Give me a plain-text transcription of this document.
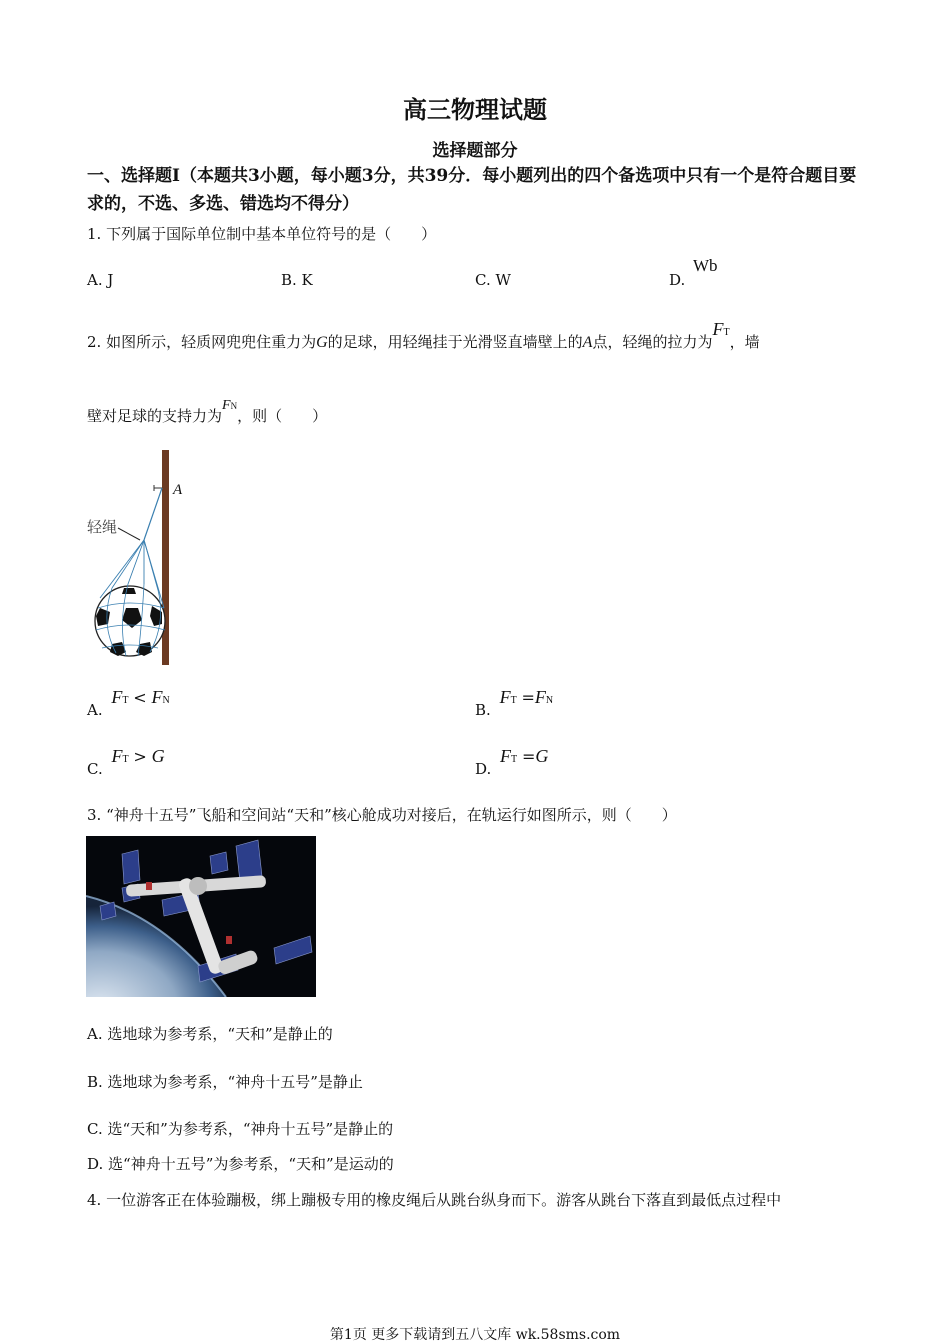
高三物理试题
选择题部分
一、选择题Ⅰ（本题共3小题，每小题3分，共39分．每小题列出的四个备选项中只有一个是符合题目要求的，不选、多选、错选均不得分）
1. 下列属于国际单位制中基本单位符号的是（　　）
A. J	B. K	C. W	D.
Wb
2. 如图所示，轻质网兜兜住重力为G的足球，用轻绳挂于光滑竖直墙壁上的A点，轻绳的拉力为FT，墙
壁对足球的支持力为FN，则（　　）
A
轻绳
A. FT < FN
B. FT =FN
C. FT > G
D. FT =G
3. “神舟十五号”飞船和空间站“天和”核心舱成功对接后，在轨运行如图所示，则（　　）
A. 选地球为参考系，“天和”是静止的
B. 选地球为参考系，“神舟十五号”是静止
C. 选“天和”为参考系，“神舟十五号”是静止的
D. 选“神舟十五号”为参考系，“天和”是运动的
4. 一位游客正在体验蹦极，绑上蹦极专用的橡皮绳后从跳台纵身而下。游客从跳台下落直到最低点过程中
第1页 更多下载请到五八文库 wk.58sms.com
